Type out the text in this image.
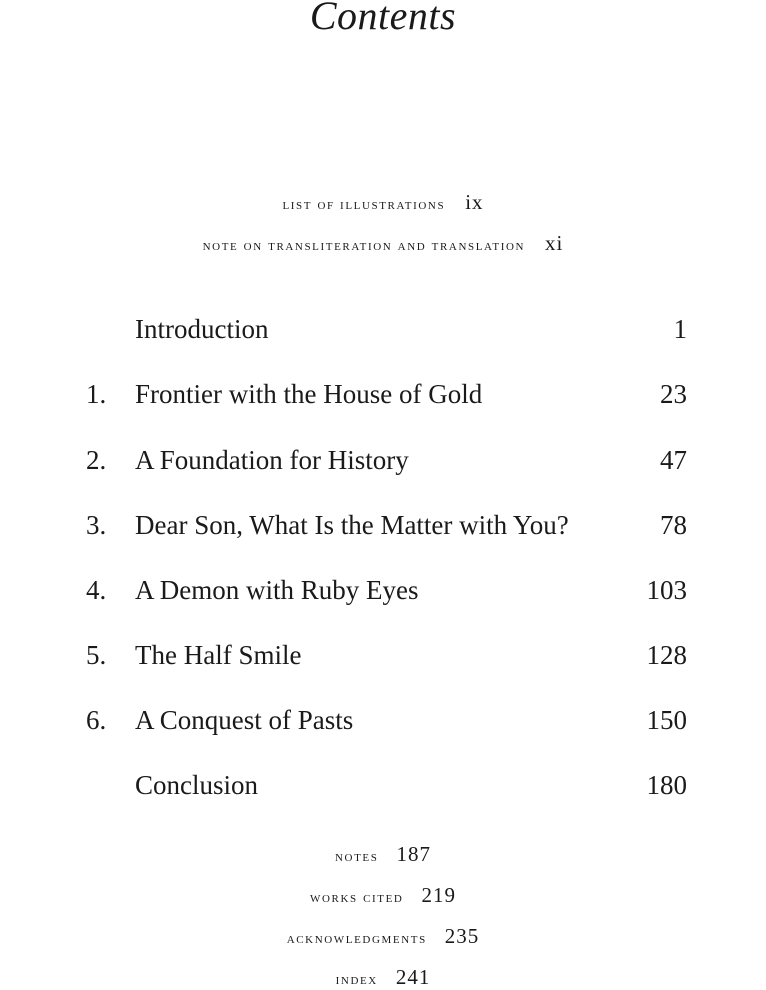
Contents
list of illustrations ix
note on transliteration and translation xi
Introduction	1
1.	Frontier with the House of Gold	23
2.	A Foundation for History	47
3.	Dear Son, What Is the Matter with You?	78
4.	A Demon with Ruby Eyes	103
5.	The Half Smile	128
6.	A Conquest of Pasts	150
Conclusion	180
notes 187
works cited 219
acknowledgments 235
index 241
